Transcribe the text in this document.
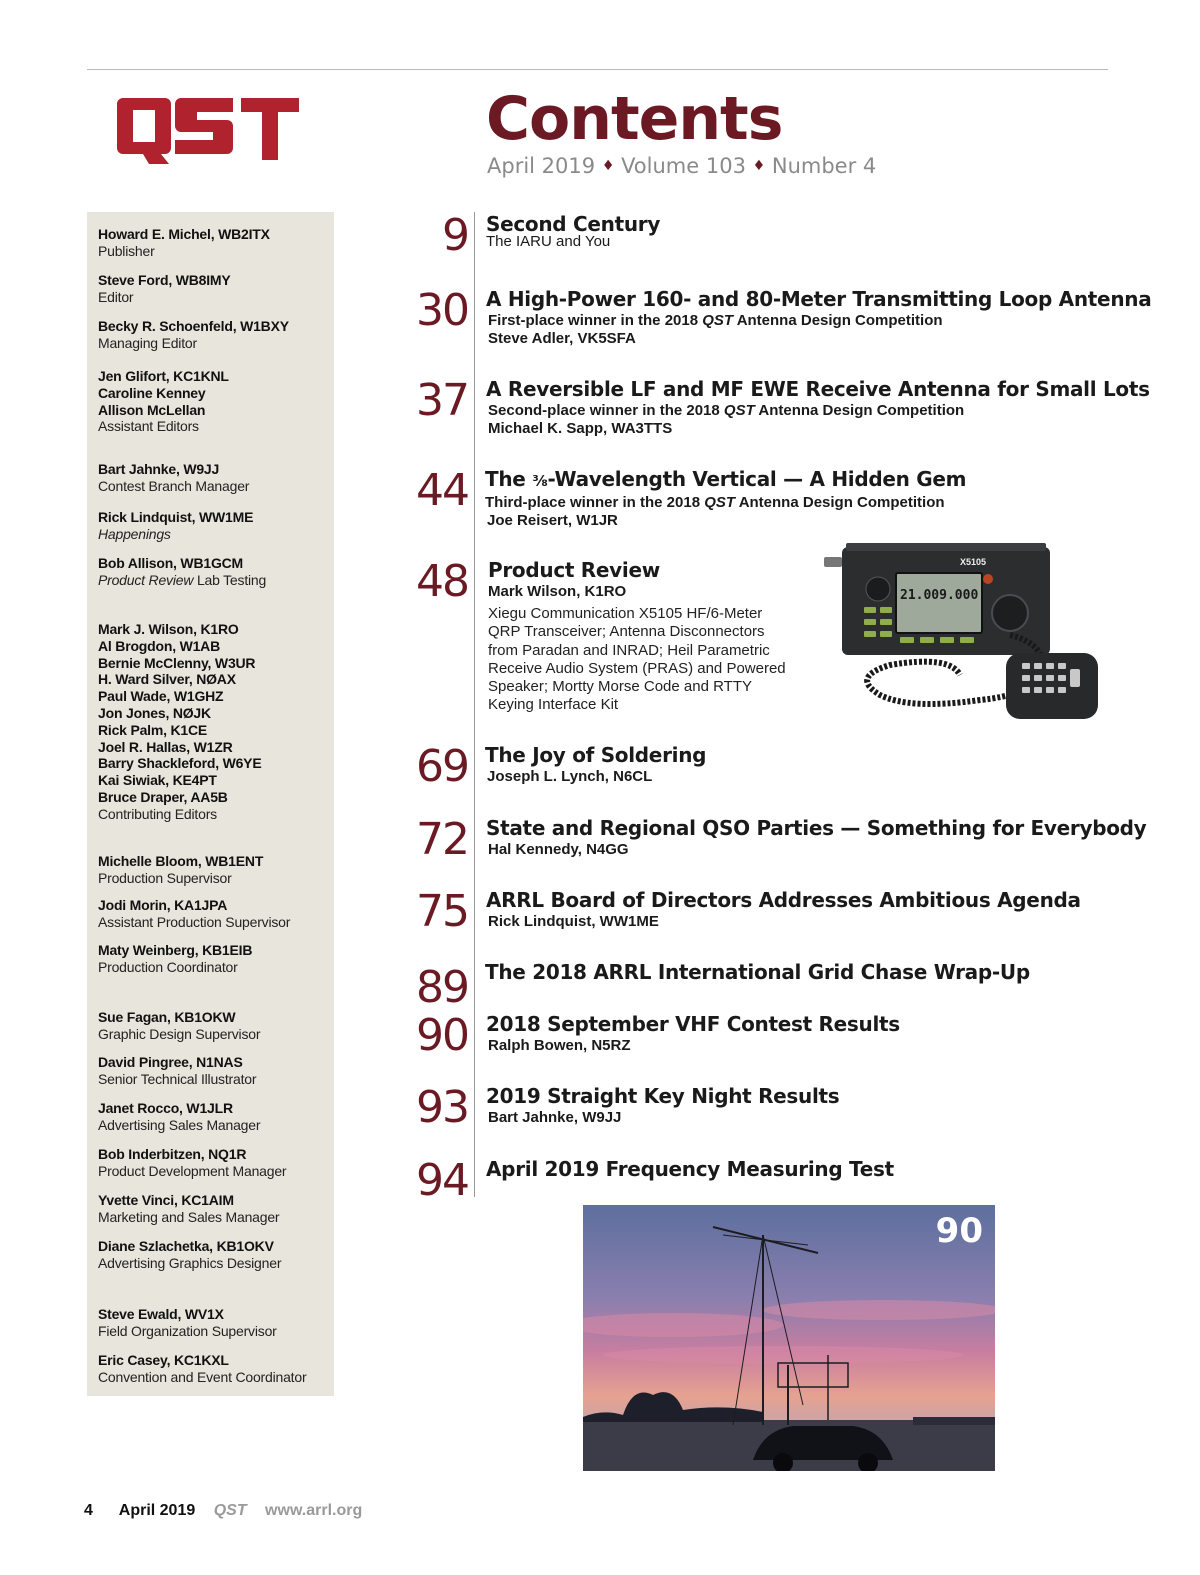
Contents
April 2019 ♦ Volume 103 ♦ Number 4
Howard E. Michel, WB2ITX
Publisher
Steve Ford, WB8IMY
Editor
Becky R. Schoenfeld, W1BXY
Managing Editor
Jen Glifort, KC1KNL
Caroline Kenney
Allison McLellan
Assistant Editors
Bart Jahnke, W9JJ
Contest Branch Manager
Rick Lindquist, WW1ME
Happenings
Bob Allison, WB1GCM
Product Review Lab Testing
Mark J. Wilson, K1RO
Al Brogdon, W1AB
Bernie McClenny, W3UR
H. Ward Silver, NØAX
Paul Wade, W1GHZ
Jon Jones, NØJK
Rick Palm, K1CE
Joel R. Hallas, W1ZR
Barry Shackleford, W6YE
Kai Siwiak, KE4PT
Bruce Draper, AA5B
Contributing Editors
Michelle Bloom, WB1ENT
Production Supervisor
Jodi Morin, KA1JPA
Assistant Production Supervisor
Maty Weinberg, KB1EIB
Production Coordinator
Sue Fagan, KB1OKW
Graphic Design Supervisor
David Pingree, N1NAS
Senior Technical Illustrator
Janet Rocco, W1JLR
Advertising Sales Manager
Bob Inderbitzen, NQ1R
Product Development Manager
Yvette Vinci, KC1AIM
Marketing and Sales Manager
Diane Szlachetka, KB1OKV
Advertising Graphics Designer
Steve Ewald, WV1X
Field Organization Supervisor
Eric Casey, KC1KXL
Convention and Event Coordinator
9 Second Century
The IARU and You
30 A High-Power 160- and 80-Meter Transmitting Loop Antenna
First-place winner in the 2018 QST Antenna Design Competition
Steve Adler, VK5SFA
37 A Reversible LF and MF EWE Receive Antenna for Small Lots
Second-place winner in the 2018 QST Antenna Design Competition
Michael K. Sapp, WA3TTS
44 The ⅜-Wavelength Vertical — A Hidden Gem
Third-place winner in the 2018 QST Antenna Design Competition
Joe Reisert, W1JR
48 Product Review
Mark Wilson, K1RO
Xiegu Communication X5105 HF/6-Meter QRP Transceiver; Antenna Disconnectors from Paradan and INRAD; Heil Parametric Receive Audio System (PRAS) and Powered Speaker; Mortty Morse Code and RTTY Keying Interface Kit
21.009.000
X5105
69 The Joy of Soldering
Joseph L. Lynch, N6CL
72 State and Regional QSO Parties — Something for Everybody
Hal Kennedy, N4GG
75 ARRL Board of Directors Addresses Ambitious Agenda
Rick Lindquist, WW1ME
89 The 2018 ARRL International Grid Chase Wrap-Up
90 2018 September VHF Contest Results
Ralph Bowen, N5RZ
93 2019 Straight Key Night Results
Bart Jahnke, W9JJ
94 April 2019 Frequency Measuring Test
90
4 April 2019 QST www.arrl.org
